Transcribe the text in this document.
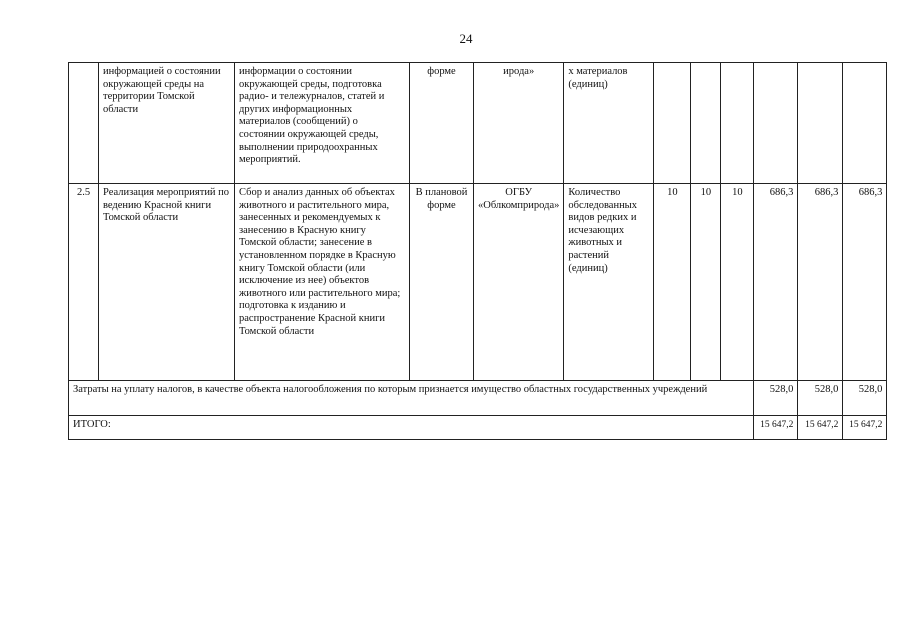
24
	информацией о состоянии окружающей среды на территории Томской области	информации о состоянии окружающей среды, подготовка радио- и тележурналов, статей и других информационных материалов (сообщений) о состоянии окружающей среды, выполнении природоохранных мероприятий.	форме	ирода»	х материалов (единиц)						
2.5	Реализация мероприятий по ведению Красной книги Томской области	Сбор и анализ данных об объектах животного и растительного мира, занесенных и рекомендуемых к занесению в Красную книгу Томской области; занесение в установленном порядке в Красную книгу Томской области (или исключение из нее) объектов животного или растительного мира; подготовка к изданию и распространение Красной книги Томской области	В плановой форме	ОГБУ «Облкомприрода»	Количество обследованных видов редких и исчезающих животных и растений (единиц)	10	10	10	686,3	686,3	686,3
Затраты на уплату налогов, в качестве объекта налогообложения по которым признается имущество областных государственных учреждений									528,0	528,0	528,0
ИТОГО:									15 647,2	15 647,2	15 647,2
